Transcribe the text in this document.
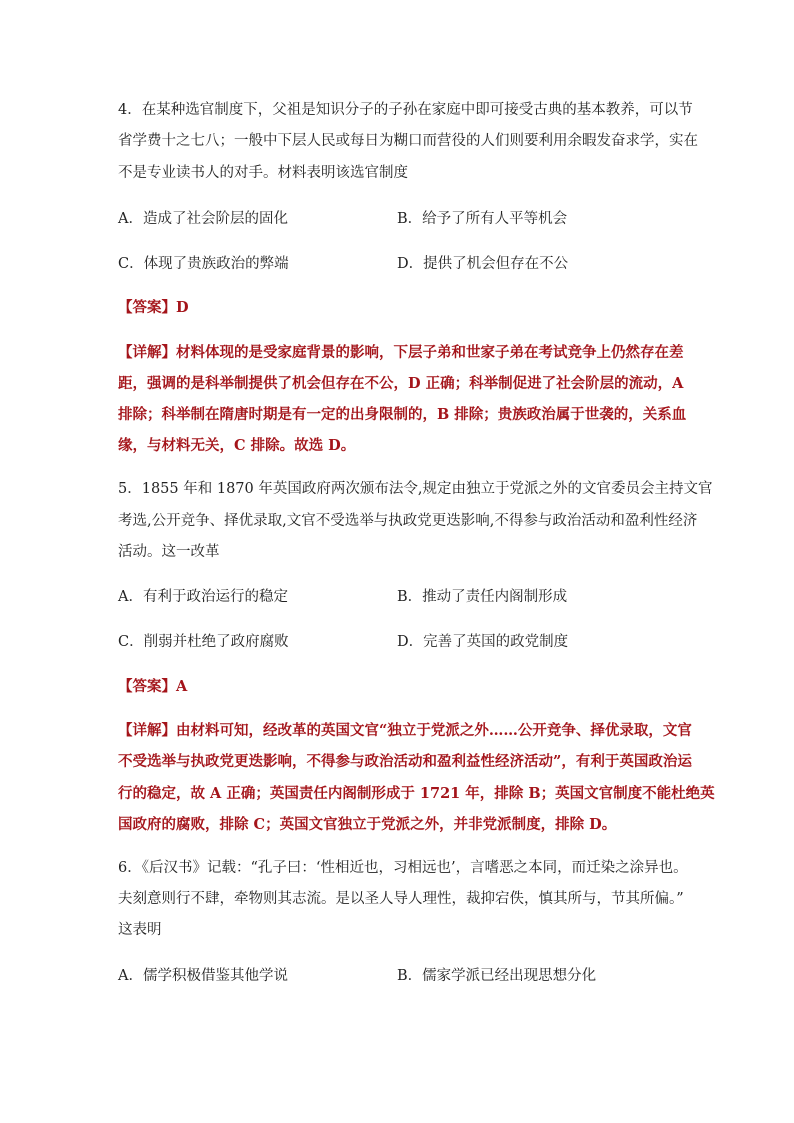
4．在某种选官制度下，父祖是知识分子的子孙在家庭中即可接受古典的基本教养，可以节
省学费十之七八；一般中下层人民或每日为糊口而营役的人们则要利用余暇发奋求学，实在
不是专业读书人的对手。材料表明该选官制度
A．造成了社会阶层的固化	B．给予了所有人平等机会
C．体现了贵族政治的弊端	D．提供了机会但存在不公
【答案】D
【详解】材料体现的是受家庭背景的影响，下层子弟和世家子弟在考试竞争上仍然存在差
距，强调的是科举制提供了机会但存在不公，D 正确；科举制促进了社会阶层的流动，A
排除；科举制在隋唐时期是有一定的出身限制的，B 排除；贵族政治属于世袭的，关系血
缘，与材料无关，C 排除。故选 D。
5．1855 年和 1870 年英国政府两次颁布法令,规定由独立于党派之外的文官委员会主持文官
考选,公开竞争、择优录取,文官不受选举与执政党更迭影响,不得参与政治活动和盈利性经济
活动。这一改革
A．有利于政治运行的稳定	B．推动了责任内阁制形成
C．削弱并杜绝了政府腐败	D．完善了英国的政党制度
【答案】A
【详解】由材料可知，经改革的英国文官“独立于党派之外……公开竞争、择优录取，文官
不受选举与执政党更迭影响，不得参与政治活动和盈利益性经济活动”，有利于英国政治运
行的稳定，故 A 正确；英国责任内阁制形成于 1721 年，排除 B；英国文官制度不能杜绝英
国政府的腐败，排除 C；英国文官独立于党派之外，并非党派制度，排除 D。
6．《后汉书》记载：“孔子曰：‘性相近也，习相远也’，言嗜恶之本同，而迁染之涂异也。
夫刻意则行不肆，牵物则其志流。是以圣人导人理性，裁抑宕佚，慎其所与，节其所偏。”
这表明
A．儒学积极借鉴其他学说	B．儒家学派已经出现思想分化
